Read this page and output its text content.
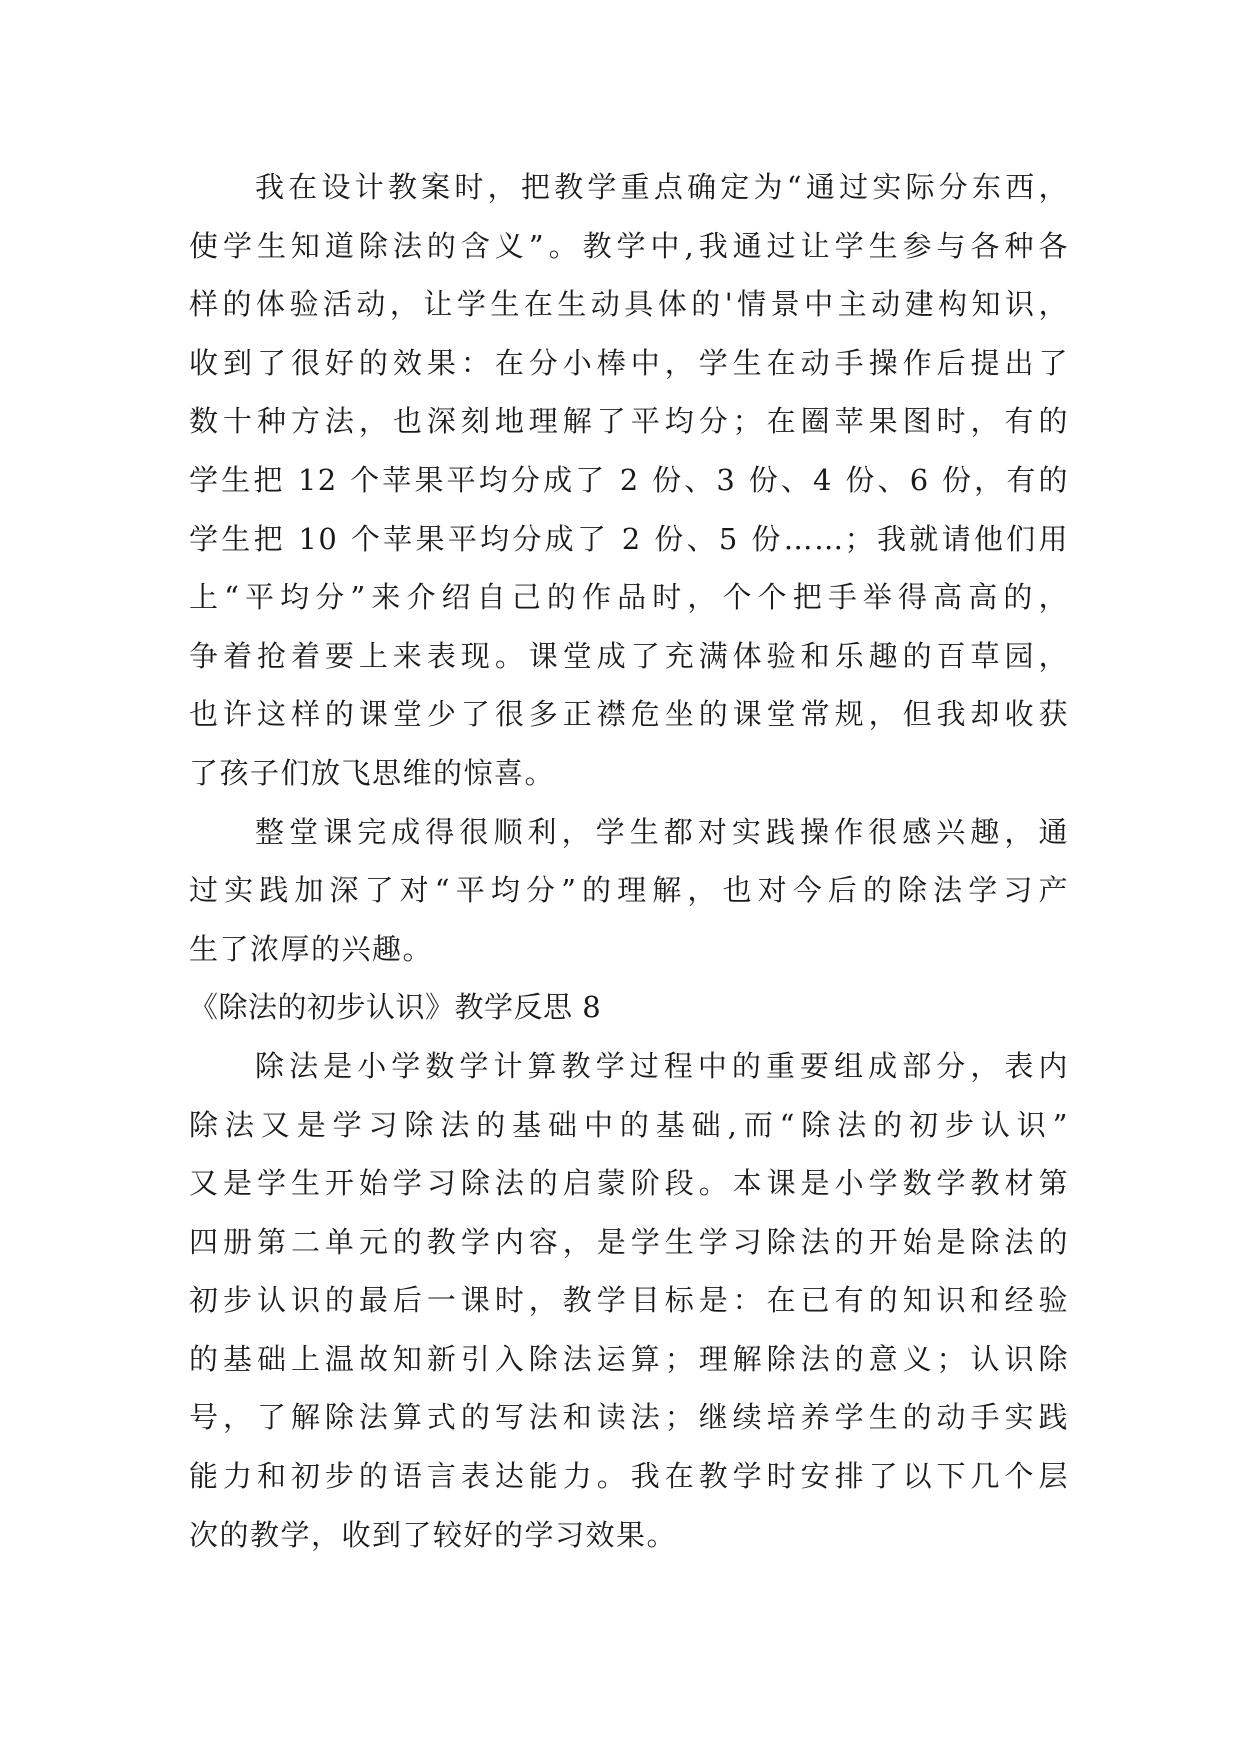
我在设计教案时，把教学重点确定为“通过实际分东西，
使学生知道除法的含义”。教学中,我通过让学生参与各种各
样的体验活动，让学生在生动具体的'情景中主动建构知识，
收到了很好的效果：在分小棒中，学生在动手操作后提出了
数十种方法，也深刻地理解了平均分；在圈苹果图时，有的
学生把 12 个苹果平均分成了 2 份、3 份、4 份、6 份，有的
学生把 10 个苹果平均分成了 2 份、5 份……；我就请他们用
上“平均分”来介绍自己的作品时，个个把手举得高高的，
争着抢着要上来表现。课堂成了充满体验和乐趣的百草园，
也许这样的课堂少了很多正襟危坐的课堂常规，但我却收获
了孩子们放飞思维的惊喜。
整堂课完成得很顺利，学生都对实践操作很感兴趣，通
过实践加深了对“平均分”的理解，也对今后的除法学习产
生了浓厚的兴趣。
《除法的初步认识》教学反思 8
除法是小学数学计算教学过程中的重要组成部分，表内
除法又是学习除法的基础中的基础,而“除法的初步认识”
又是学生开始学习除法的启蒙阶段。本课是小学数学教材第
四册第二单元的教学内容，是学生学习除法的开始是除法的
初步认识的最后一课时，教学目标是：在已有的知识和经验
的基础上温故知新引入除法运算；理解除法的意义；认识除
号，了解除法算式的写法和读法；继续培养学生的动手实践
能力和初步的语言表达能力。我在教学时安排了以下几个层
次的教学，收到了较好的学习效果。
